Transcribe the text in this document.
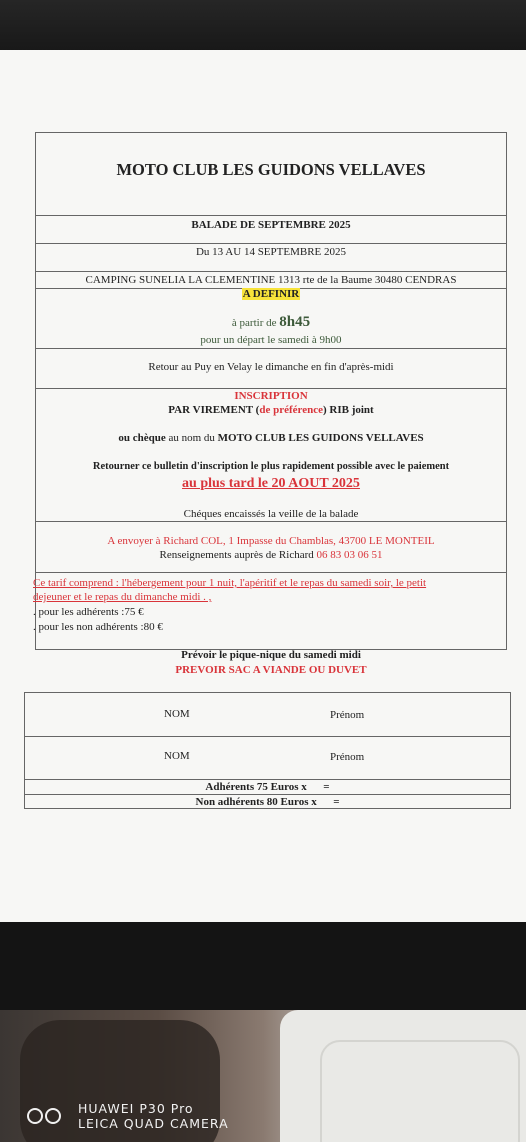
MOTO CLUB LES GUIDONS VELLAVES
BALADE DE SEPTEMBRE 2025
Du 13 AU 14 SEPTEMBRE 2025
CAMPING SUNELIA LA CLEMENTINE 1313 rte de la Baume 30480 CENDRAS
A DEFINIR
à partir de 8h45
pour un départ le samedi à 9h00
Retour au Puy en Velay le dimanche en fin d'après-midi
INSCRIPTION
PAR VIREMENT (de préférence) RIB joint
ou chèque au nom du MOTO CLUB LES GUIDONS VELLAVES
Retourner ce bulletin d'inscription le plus rapidement possible avec le paiement
au plus tard le 20 AOUT 2025
Chéques encaissés la veille de la balade
A envoyer à Richard COL, 1 Impasse du Chamblas, 43700 LE MONTEIL
Renseignements auprès de Richard 06 83 03 06 51
Ce tarif comprend : l'hébergement pour 1 nuit, l'apéritif et le repas du samedi soir, le petit
dejeuner et le repas du dimanche midi . ,
. pour les adhérents :75 €
. pour les non adhérents :80 €
Prévoir le pique-nique du samedi midi
PREVOIR SAC A VIANDE OU DUVET
NOM	Prénom
NOM	Prénom
Adhérents 75 Euros x      =
Non adhérents 80 Euros x      =
HUAWEI P30 Pro
LEICA QUAD CAMERA
